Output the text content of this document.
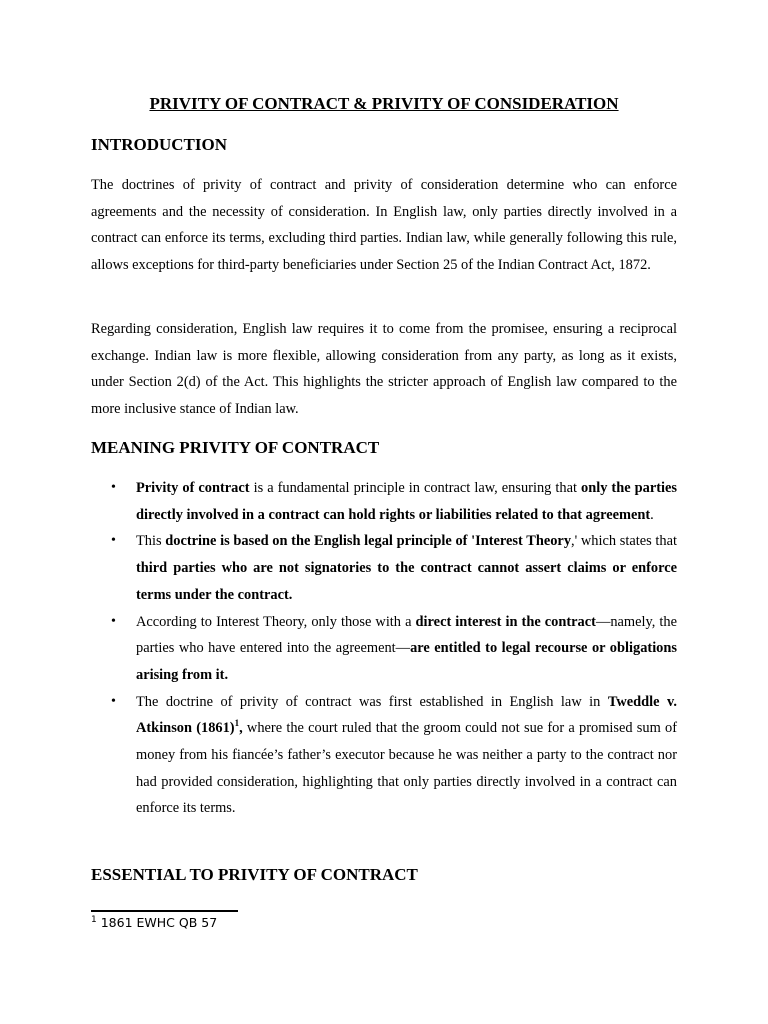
PRIVITY OF CONTRACT & PRIVITY OF CONSIDERATION
INTRODUCTION

The doctrines of privity of contract and privity of consideration determine who can enforce agreements and the necessity of consideration. In English law, only parties directly involved in a contract can enforce its terms, excluding third parties. Indian law, while generally following this rule, allows exceptions for third-party beneficiaries under Section 25 of the Indian Contract Act, 1872.

Regarding consideration, English law requires it to come from the promisee, ensuring a reciprocal exchange. Indian law is more flexible, allowing consideration from any party, as long as it exists, under Section 2(d) of the Act. This highlights the stricter approach of English law compared to the more inclusive stance of Indian law.

MEANING PRIVITY OF CONTRACT
• Privity of contract is a fundamental principle in contract law, ensuring that only the parties directly involved in a contract can hold rights or liabilities related to that agreement.
• This doctrine is based on the English legal principle of 'Interest Theory,' which states that third parties who are not signatories to the contract cannot assert claims or enforce terms under the contract.
• According to Interest Theory, only those with a direct interest in the contract—namely, the parties who have entered into the agreement—are entitled to legal recourse or obligations arising from it.
• The doctrine of privity of contract was first established in English law in Tweddle v. Atkinson $(1861)^1$, where the court ruled that the groom could not sue for a promised sum of money from his fiancée’s father’s executor because he was neither a party to the contract nor had provided consideration, highlighting that only parties directly involved in a contract can enforce its terms.
ESSENTIAL TO PRIVITY OF CONTRACT
$^1$ 1861 EWHC QB 57
